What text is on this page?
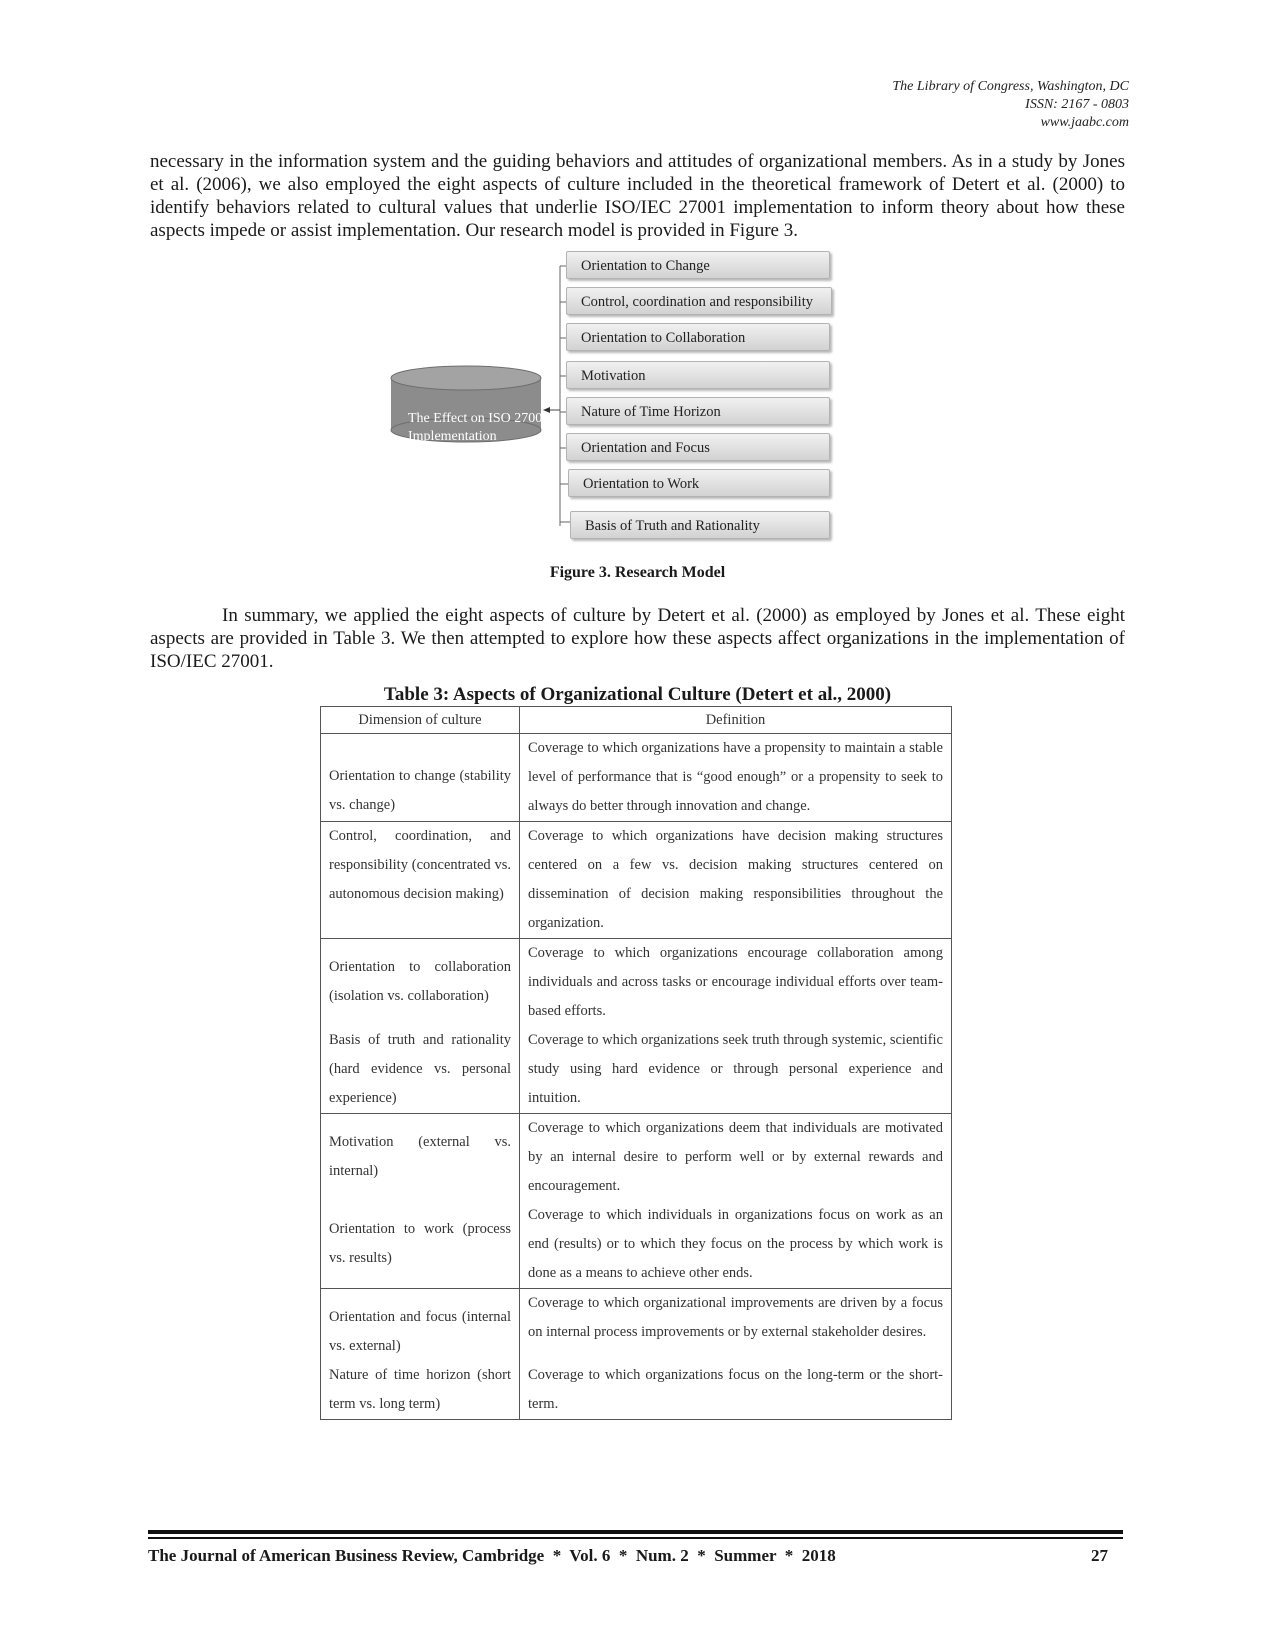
The Library of Congress, Washington, DC
ISSN: 2167 - 0803
www.jaabc.com

necessary in the information system and the guiding behaviors and attitudes of organizational members. As in a study by Jones et al. (2006), we also employed the eight aspects of culture included in the theoretical framework of Detert et al. (2000) to identify behaviors related to cultural values that underlie ISO/IEC 27001 implementation to inform theory about how these aspects impede or assist implementation. Our research model is provided in Figure 3.

The Effect on ISO 27001 Implementation
Orientation to Change
Control, coordination and responsibility
Orientation to Collaboration
Motivation
Nature of Time Horizon
Orientation and Focus
Orientation to Work
Basis of Truth and Rationality
Figure 3. Research Model

In summary, we applied the eight aspects of culture by Detert et al. (2000) as employed by Jones et al. These eight aspects are provided in Table 3. We then attempted to explore how these aspects affect organizations in the implementation of ISO/IEC 27001.

Table 3: Aspects of Organizational Culture (Detert et al., 2000)
Dimension of culture	Definition
Orientation to change (stability vs. change)	Coverage to which organizations have a propensity to maintain a stable level of performance that is “good enough” or a propensity to seek to always do better through innovation and change.
Control, coordination, and responsibility (concentrated vs. autonomous decision making)	Coverage to which organizations have decision making structures centered on a few vs. decision making structures centered on dissemination of decision making responsibilities throughout the organization.
Orientation to collaboration (isolation vs. collaboration)	Coverage to which organizations encourage collaboration among individuals and across tasks or encourage individual efforts over team-based efforts.
Basis of truth and rationality (hard evidence vs. personal experience)	Coverage to which organizations seek truth through systemic, scientific study using hard evidence or through personal experience and intuition.
Motivation (external vs. internal)	Coverage to which organizations deem that individuals are motivated by an internal desire to perform well or by external rewards and encouragement.
Orientation to work (process vs. results)	Coverage to which individuals in organizations focus on work as an end (results) or to which they focus on the process by which work is done as a means to achieve other ends.
Orientation and focus (internal vs. external)	Coverage to which organizational improvements are driven by a focus on internal process improvements or by external stakeholder desires.
Nature of time horizon (short term vs. long term)	Coverage to which organizations focus on the long-term or the short-term.
The Journal of American Business Review, Cambridge  *  Vol. 6  *  Num. 2  *  Summer  *  2018	27
